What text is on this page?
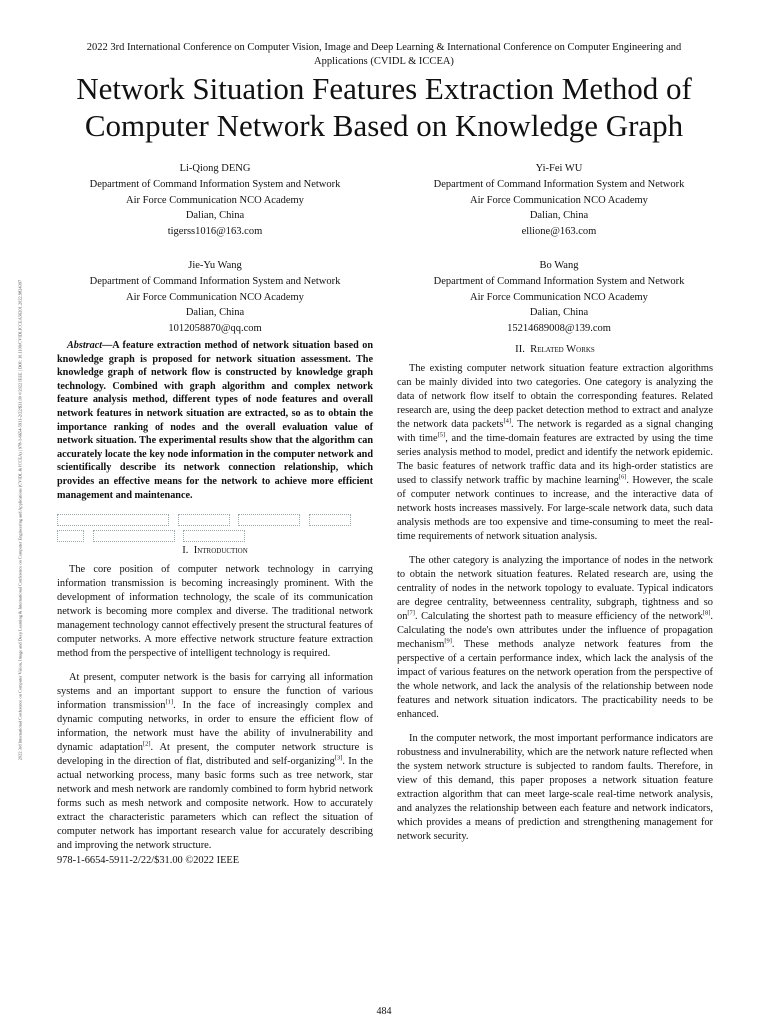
2022 3rd International Conference on Computer Vision, Image and Deep Learning & International Conference on Computer Engineering and Applications (CVIDL & ICCEA)
Network Situation Features Extraction Method of Computer Network Based on Knowledge Graph
2022 3rd International Conference on Computer Vision, Image and Deep Learning & International Conference on Computer Engineering and Applications (CVIDL & ICCEA) | 978-1-6654-5911-2/22/$31.00 ©2022 IEEE | DOI: 10.1109/CVIDLICCEA56201.2022.9824397
Li-Qiong DENG
Department of Command Information System and Network
Air Force Communication NCO Academy
Dalian, China
tigerss1016@163.com
Yi-Fei WU
Department of Command Information System and Network
Air Force Communication NCO Academy
Dalian, China
ellione@163.com
Jie-Yu Wang
Department of Command Information System and Network
Air Force Communication NCO Academy
Dalian, China
1012058870@qq.com
Bo Wang
Department of Command Information System and Network
Air Force Communication NCO Academy
Dalian, China
15214689008@139.com

Abstract—A feature extraction method of network situation based on knowledge graph is proposed for network situation assessment. The knowledge graph of network flow is constructed by knowledge graph technology. Combined with graph algorithm and complex network feature analysis method, different types of node features and overall network features in network situation are extracted, so as to obtain the importance ranking of nodes and the overall evaluation value of network situation. The experimental results show that the algorithm can accurately locate the key node information in the computer network and scientifically describe its network connection relationship, which provides an effective means for the network to achieve more efficient management and maintenance.

I.  Introduction

The core position of computer network technology in carrying information transmission is becoming increasingly prominent. With the development of information technology, the scale of its communication network is becoming more complex and diverse. The traditional network management technology cannot effectively present the structural features of computer networks. A more effective network structure feature extraction method from the perspective of intelligent technology is required.

At present, computer network is the basis for carrying all information systems and an important support to ensure the function of various information transmission[1]. In the face of increasingly complex and dynamic computing networks, in order to ensure the efficient flow of information, the network must have the ability of invulnerability and dynamic adaptation[2]. At present, the computer network structure is developing in the direction of flat, distributed and self-organizing[3]. In the actual networking process, many basic forms such as tree network, star network and mesh network are randomly combined to form hybrid network forms such as mesh network and composite network. How to accurately extract the characteristic parameters which can reflect the situation of computer network has important research value for accurately describing and improving the network structure.

978-1-6654-5911-2/22/$31.00 ©2022 IEEE
II.  Related Works

The existing computer network situation feature extraction algorithms can be mainly divided into two categories. One category is analyzing the data of network flow itself to obtain the corresponding features. Related research are, using the deep packet detection method to extract and analyze the network data packets[4]. The network is regarded as a signal changing with time[5], and the time-domain features are extracted by using the time series analysis method to model, predict and identify the network epidemic. The basic features of network traffic data and its high-order statistics are used to classify network traffic by machine learning[6]. However, the scale of computer network continues to increase, and the interactive data of network hosts increases massively. For large-scale network data, such data analysis methods are too expensive and time-consuming to meet the real-time requirements of network situation analysis.

The other category is analyzing the importance of nodes in the network to obtain the network situation features. Related research are, using the centrality of nodes in the network topology to evaluate. Typical indicators are degree centrality, betweenness centrality, subgraph, tightness and so on[7]. Calculating the shortest path to measure efficiency of the network[8]. Calculating the node's own attributes under the influence of propagation mechanism[9]. These methods analyze network features from the perspective of a certain performance index, which lack the analysis of the impact of various features on the network operation from the perspective of the whole network, and lack the analysis of the relationship between node features and network situation indicators. The practicability needs to be enhanced.

In the computer network, the most important performance indicators are robustness and invulnerability, which are the network nature reflected when the system network structure is subjected to random faults. Therefore, in view of this demand, this paper proposes a network situation feature extraction algorithm that can meet large-scale real-time network analysis, and analyzes the relationship between each feature and network indicators, which provides a means of prediction and strengthening management for network security.

484
